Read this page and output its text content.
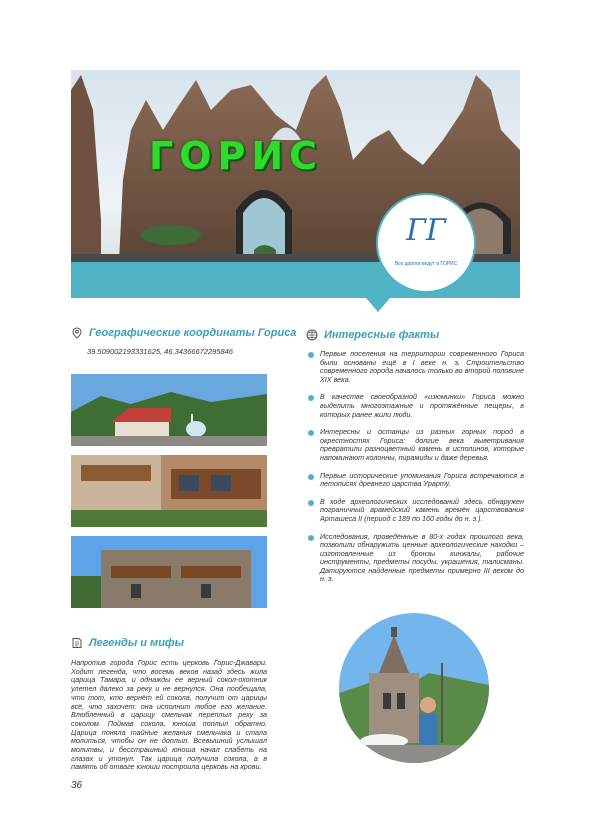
ГОРИС
ГГ
Все дороги ведут в ГОРИС
Географические координаты Гориса
39.509002193331625, 46.34366672295846
Интересные факты
Первые поселения на территории современного Гориса были основаны ещё в I веке н. э. Строительство современного города началось только во второй половине XIX века.
В качестве своеобразной «изюминки» Гориса можно выделить многоэтажные и протяжённые пещеры, в которых ранее жили люди.
Интересны и останцы из разных горных пород в окрестностях Гориса: долгие века выветривания превратили разноцветный камень в исполинов, которые напоминают колонны, пирамиды и даже деревья.
Первые исторические упоминания Гориса встречаются в летописях древнего царства Урарту.
В ходе археологических исследований здесь обнаружен пограничный арамейский камень времён царствования Арташеса II (период с 189 по 160 годы до н. э.).
Исследования, проведённые в 80-х годах прошлого века, позволили обнаружить ценные археологические находки – изготовленные из бронзы кинжалы, рабочие инструменты, предметы посуды, украшения, талисманы. Датируются найденные предметы примерно III веком до н. э.
Легенды и мифы
Напротив города Горис есть церковь Горис-Джавари. Ходит легенда, что восемь веков назад здесь жила царица Тамара, и однажды ее верный сокол-охотник улетел далеко за реку и не вернулся. Она пообещала, что тот, кто вернёт ей сокола, получит от царицы всё, что захочет: она исполнит любое его желание. Влюбленный в царицу смельчак переплыл реку за соколом. Поймав сокола, юноша поплыл обратно. Царица поняла тайные желания смельчака и стала молиться, чтобы он не доплыл. Всевышний услышал молитвы, и бесстрашный юноша начал слабеть на глазах и утонул. Так царица получила сокола, а в память об отваге юноши построила церковь на крови.
36
